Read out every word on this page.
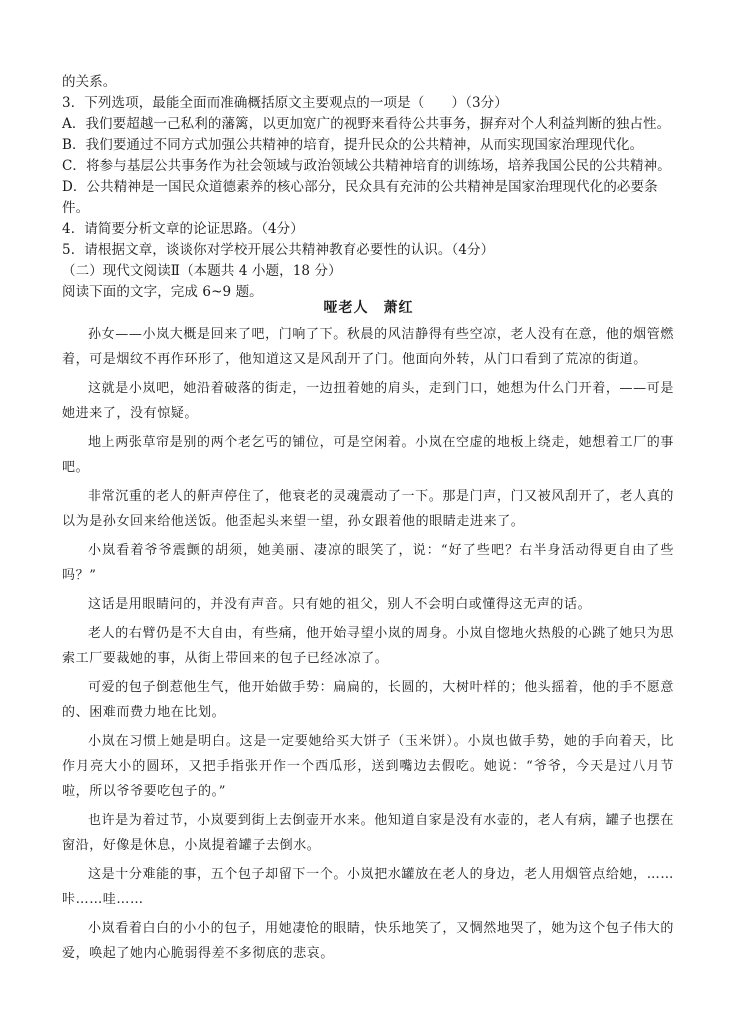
的关系。
3．下列选项，最能全面而准确概括原文主要观点的一项是（　　）（3分）
A．我们要超越一己私利的藩篱，以更加宽广的视野来看待公共事务，摒弃对个人利益判断的独占性。
B．我们要通过不同方式加强公共精神的培育，提升民众的公共精神，从而实现国家治理现代化。
C．将参与基层公共事务作为社会领域与政治领域公共精神培育的训练场，培养我国公民的公共精神。
D．公共精神是一国民众道德素养的核心部分，民众具有充沛的公共精神是国家治理现代化的必要条
件。
4．请简要分析文章的论证思路。（4分）
5．请根据文章，谈谈你对学校开展公共精神教育必要性的认识。（4分）
（二）现代文阅读Ⅱ（本题共 4 小题，18 分）
阅读下面的文字，完成 6~9 题。
哑老人　萧红

孙女——小岚大概是回来了吧，门响了下。秋晨的风洁静得有些空凉，老人没有在意，他的烟管燃着，可是烟纹不再作环形了，他知道这又是风刮开了门。他面向外转，从门口看到了荒凉的街道。

这就是小岚吧，她沿着破落的街走，一边扭着她的肩头，走到门口，她想为什么门开着，——可是她进来了，没有惊疑。

地上两张草帘是别的两个老乞丐的铺位，可是空闲着。小岚在空虚的地板上绕走，她想着工厂的事吧。

非常沉重的老人的鼾声停住了，他衰老的灵魂震动了一下。那是门声，门又被风刮开了，老人真的以为是孙女回来给他送饭。他歪起头来望一望，孙女跟着他的眼睛走进来了。

小岚看着爷爷震颤的胡须，她美丽、凄凉的眼笑了，说：“好了些吧？右半身活动得更自由了些吗？”

这话是用眼睛问的，并没有声音。只有她的祖父，别人不会明白或懂得这无声的话。

老人的右臂仍是不大自由，有些痛，他开始寻望小岚的周身。小岚自惚地火热般的心跳了她只为思索工厂要裁她的事，从街上带回来的包子已经冰凉了。

可爱的包子倒惹他生气，他开始做手势：扁扁的，长圆的，大树叶样的；他头摇着，他的手不愿意的、困难而费力地在比划。

小岚在习惯上她是明白。这是一定要她给买大饼子（玉米饼）。小岚也做手势，她的手向着天，比作月亮大小的圆环，又把手指张开作一个西瓜形，送到嘴边去假吃。她说：“爷爷，今天是过八月节啦，所以爷爷要吃包子的。”

也许是为着过节，小岚要到街上去倒壶开水来。他知道自家是没有水壶的，老人有病，罐子也摆在窗沿，好像是休息，小岚提着罐子去倒水。

这是十分难能的事，五个包子却留下一个。小岚把水罐放在老人的身边，老人用烟管点给她，……咔……哇……

小岚看着白白的小小的包子，用她凄怆的眼睛，快乐地笑了，又惆然地哭了，她为这个包子伟大的爱，唤起了她内心脆弱得差不多彻底的悲哀。
